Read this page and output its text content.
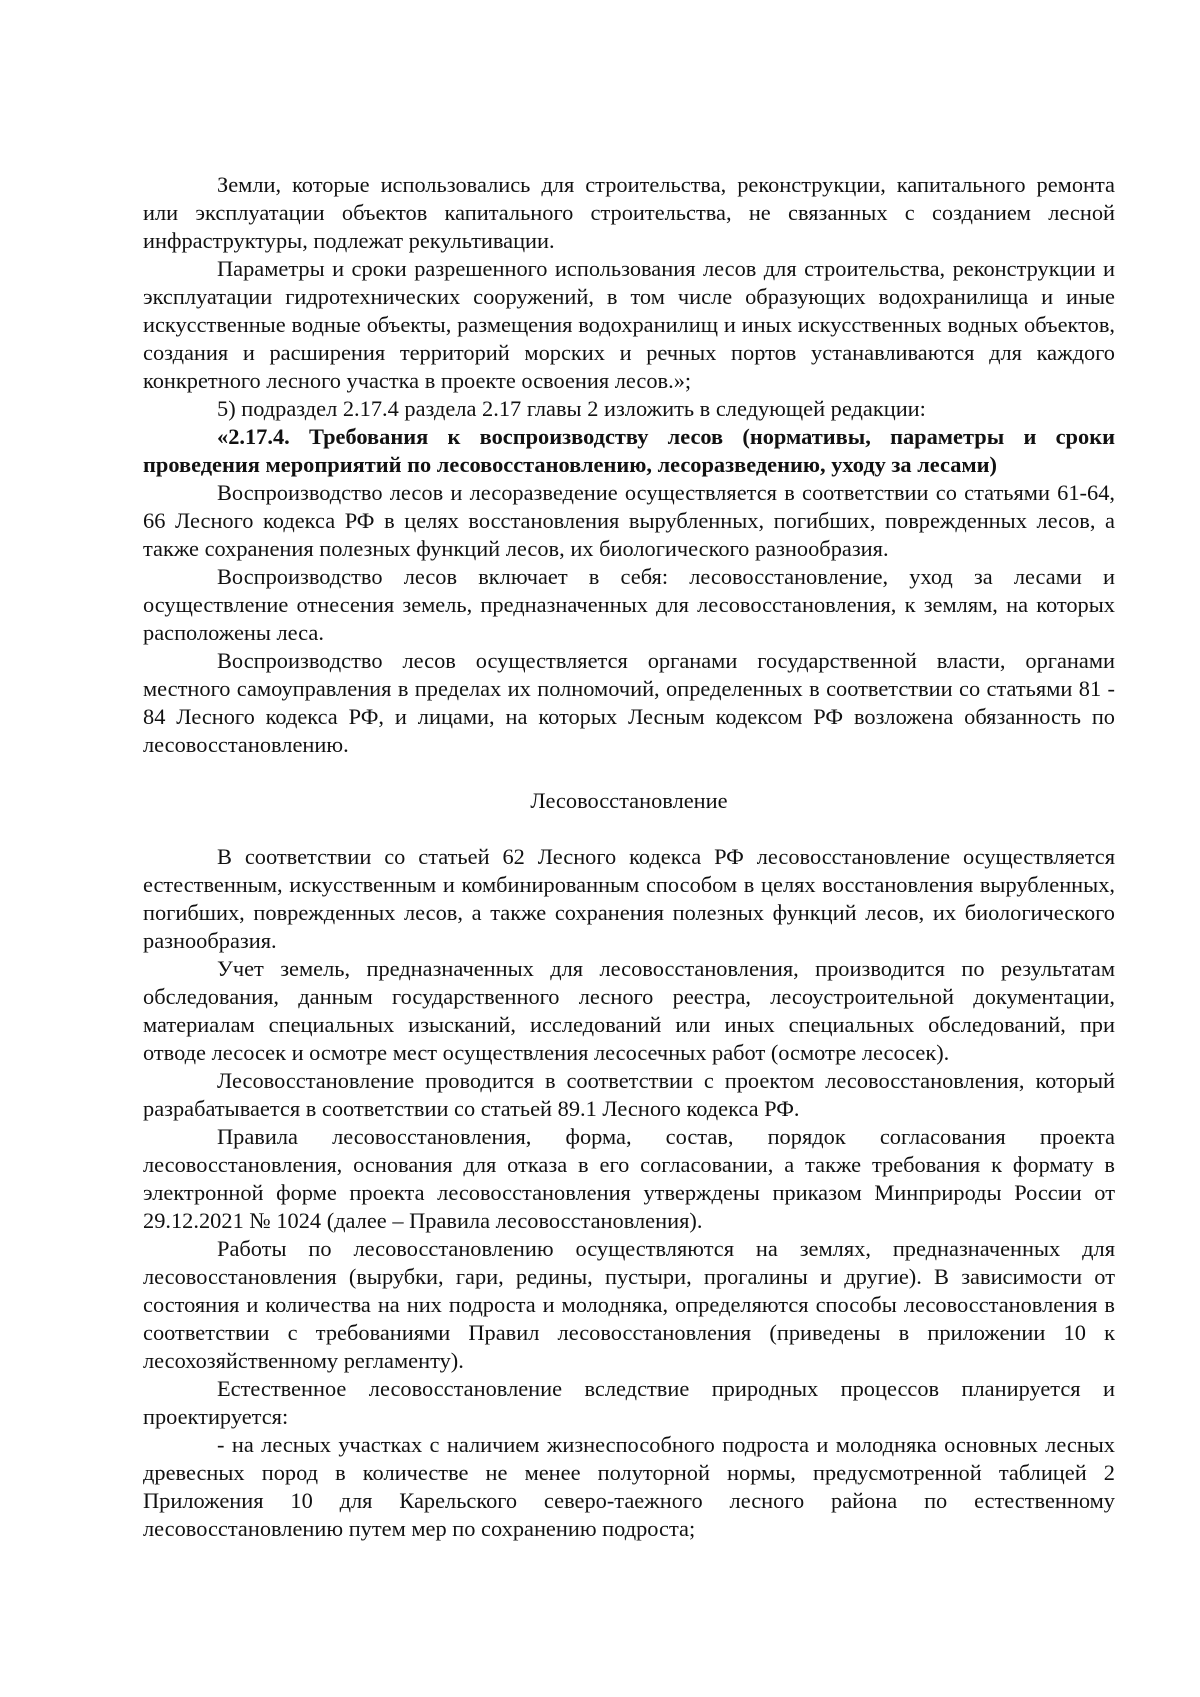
Земли, которые использовались для строительства, реконструкции, капитального ремонта или эксплуатации объектов капитального строительства, не связанных с созданием лесной инфраструктуры, подлежат рекультивации.

Параметры и сроки разрешенного использования лесов для строительства, реконструкции и эксплуатации гидротехнических сооружений, в том числе образующих водохранилища и иные искусственные водные объекты, размещения водохранилищ и иных искусственных водных объектов, создания и расширения территорий морских и речных портов устанавливаются для каждого конкретного лесного участка в проекте освоения лесов.»;

5) подраздел 2.17.4 раздела 2.17 главы 2 изложить в следующей редакции:

«2.17.4. Требования к воспроизводству лесов (нормативы, параметры и сроки проведения мероприятий по лесовосстановлению, лесоразведению, уходу за лесами)

Воспроизводство лесов и лесоразведение осуществляется в соответствии со статьями 61-64, 66 Лесного кодекса РФ в целях восстановления вырубленных, погибших, поврежденных лесов, а также сохранения полезных функций лесов, их биологического разнообразия.

Воспроизводство лесов включает в себя: лесовосстановление, уход за лесами и осуществление отнесения земель, предназначенных для лесовосстановления, к землям, на которых расположены леса.

Воспроизводство лесов осуществляется органами государственной власти, органами местного самоуправления в пределах их полномочий, определенных в соответствии со статьями 81 - 84 Лесного кодекса РФ, и лицами, на которых Лесным кодексом РФ возложена обязанность по лесовосстановлению.

Лесовосстановление

В соответствии со статьей 62 Лесного кодекса РФ лесовосстановление осуществляется естественным, искусственным и комбинированным способом в целях восстановления вырубленных, погибших, поврежденных лесов, а также сохранения полезных функций лесов, их биологического разнообразия.

Учет земель, предназначенных для лесовосстановления, производится по результатам обследования, данным государственного лесного реестра, лесоустроительной документации, материалам специальных изысканий, исследований или иных специальных обследований, при отводе лесосек и осмотре мест осуществления лесосечных работ (осмотре лесосек).

Лесовосстановление проводится в соответствии с проектом лесовосстановления, который разрабатывается в соответствии со статьей 89.1 Лесного кодекса РФ.

Правила лесовосстановления, форма, состав, порядок согласования проекта лесовосстановления, основания для отказа в его согласовании, а также требования к формату в электронной форме проекта лесовосстановления утверждены приказом Минприроды России от 29.12.2021 № 1024 (далее – Правила лесовосстановления).

Работы по лесовосстановлению осуществляются на землях, предназначенных для лесовосстановления (вырубки, гари, редины, пустыри, прогалины и другие). В зависимости от состояния и количества на них подроста и молодняка, определяются способы лесовосстановления в соответствии с требованиями Правил лесовосстановления (приведены в приложении 10 к лесохозяйственному регламенту).

Естественное лесовосстановление вследствие природных процессов планируется и проектируется:

- на лесных участках с наличием жизнеспособного подроста и молодняка основных лесных древесных пород в количестве не менее полуторной нормы, предусмотренной таблицей 2 Приложения 10 для Карельского северо-таежного лесного района по естественному лесовосстановлению путем мер по сохранению подроста;
